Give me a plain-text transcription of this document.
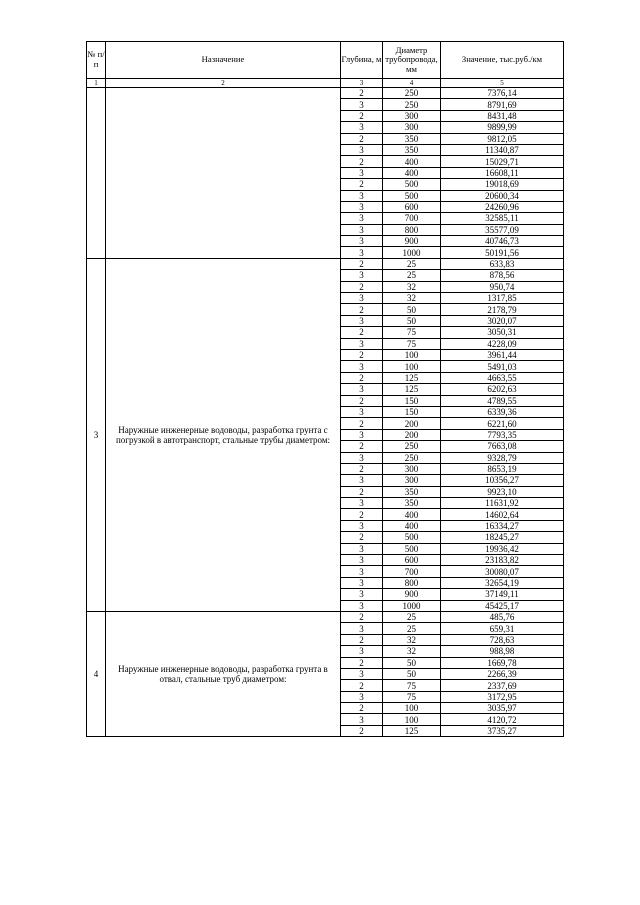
№ п/п	Назначение	Глубина, м	Диаметр трубопровода, мм	Значение, тыс.руб./км
1	2	3	4	5
		2	250	7376,14
		3	250	8791,69
		2	300	8431,48
		3	300	9899,99
		2	350	9812,05
		3	350	11340,87
		2	400	15029,71
		3	400	16608,11
		2	500	19018,69
		3	500	20600,34
		3	600	24260,96
		3	700	32585,11
		3	800	35577,09
		3	900	40746,73
		3	1000	50191,56
3	Наружные инженерные водоводы, разработка грунта с погрузкой в автотранспорт, стальные трубы диаметром:	2	25	633,83
		3	25	878,56
		2	32	950,74
		3	32	1317,85
		2	50	2178,79
		3	50	3020,07
		2	75	3050,31
		3	75	4228,09
		2	100	3961,44
		3	100	5491,03
		2	125	4663,55
		3	125	6202,63
		2	150	4789,55
		3	150	6339,36
		2	200	6221,60
		3	200	7793,35
		2	250	7663,08
		3	250	9328,79
		2	300	8653,19
		3	300	10356,27
		2	350	9923,10
		3	350	11631,92
		2	400	14602,64
		3	400	16334,27
		2	500	18245,27
		3	500	19936,42
		3	600	23183,82
		3	700	30080,07
		3	800	32654,19
		3	900	37149,11
		3	1000	45425,17
4	Наружные инженерные водоводы, разработка грунта в отвал, стальные труб диаметром:	2	25	485,76
		3	25	659,31
		2	32	728,63
		3	32	988,98
		2	50	1669,78
		3	50	2266,39
		2	75	2337,69
		3	75	3172,95
		2	100	3035,97
		3	100	4120,72
		2	125	3735,27
